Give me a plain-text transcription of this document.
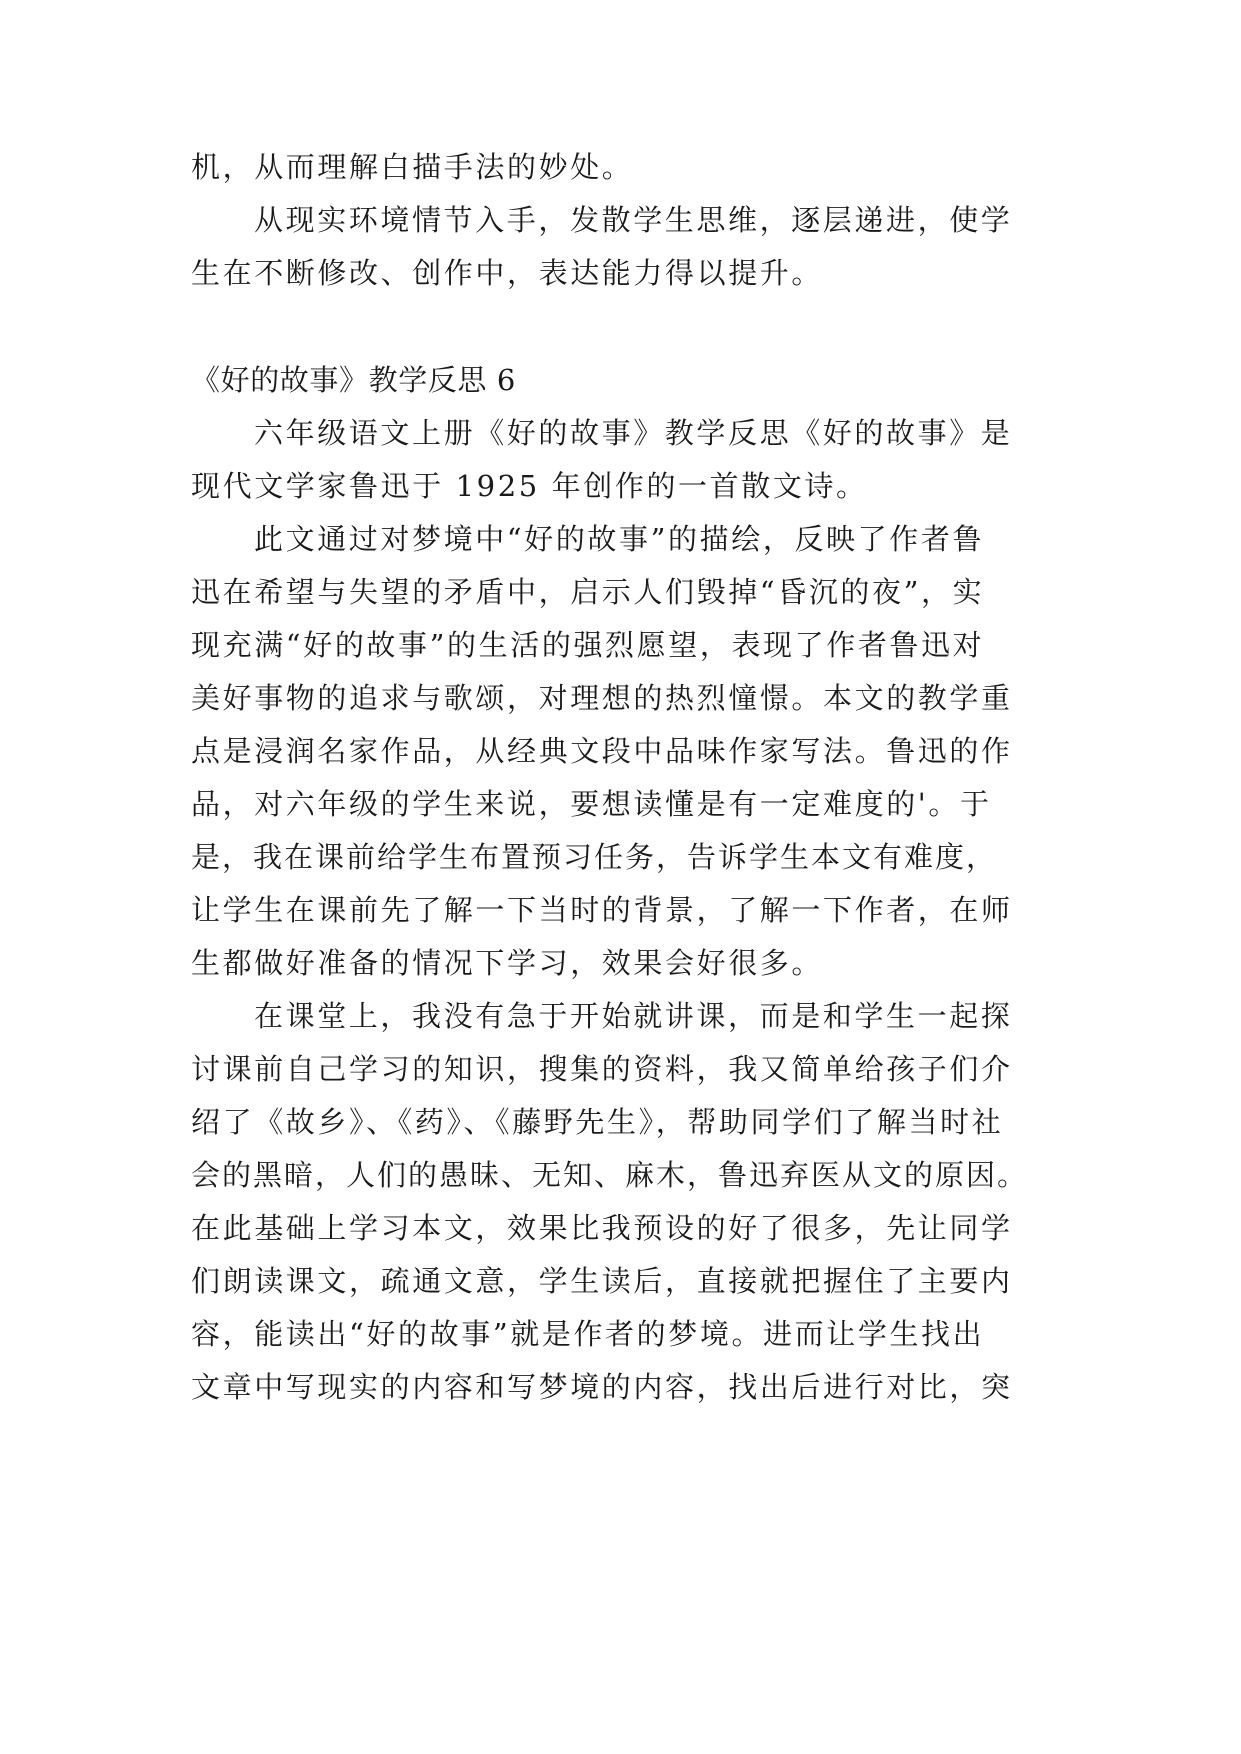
机，从而理解白描手法的妙处。
从现实环境情节入手，发散学生思维，逐层递进，使学
生在不断修改、创作中，表达能力得以提升。
《好的故事》教学反思 6
六年级语文上册《好的故事》教学反思《好的故事》是
现代文学家鲁迅于 1925 年创作的一首散文诗。
此文通过对梦境中“好的故事”的描绘，反映了作者鲁
迅在希望与失望的矛盾中，启示人们毁掉“昏沉的夜”，实
现充满“好的故事”的生活的强烈愿望，表现了作者鲁迅对
美好事物的追求与歌颂，对理想的热烈憧憬。本文的教学重
点是浸润名家作品，从经典文段中品味作家写法。鲁迅的作
品，对六年级的学生来说，要想读懂是有一定难度的'。于
是，我在课前给学生布置预习任务，告诉学生本文有难度，
让学生在课前先了解一下当时的背景，了解一下作者，在师
生都做好准备的情况下学习，效果会好很多。
在课堂上，我没有急于开始就讲课，而是和学生一起探
讨课前自己学习的知识，搜集的资料，我又简单给孩子们介
绍了《故乡》、《药》、《藤野先生》，帮助同学们了解当时社
会的黑暗，人们的愚昧、无知、麻木，鲁迅弃医从文的原因。
在此基础上学习本文，效果比我预设的好了很多，先让同学
们朗读课文，疏通文意，学生读后，直接就把握住了主要内
容，能读出“好的故事”就是作者的梦境。进而让学生找出
文章中写现实的内容和写梦境的内容，找出后进行对比，突
